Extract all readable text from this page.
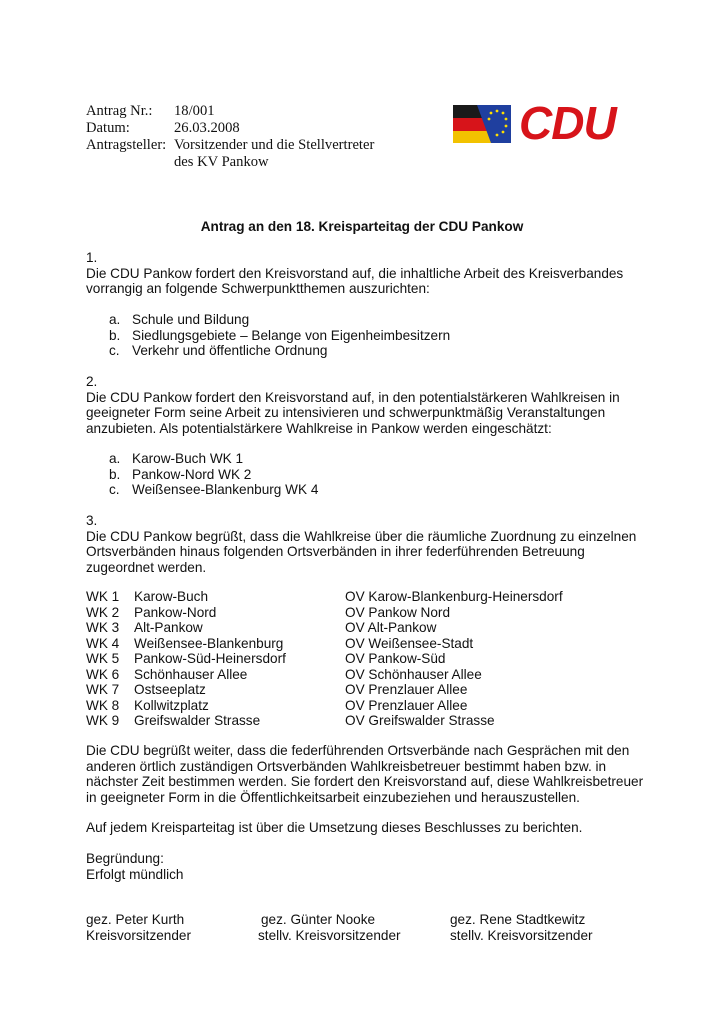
Antrag Nr.:	18/001
Datum:	26.03.2008
Antragsteller: Vorsitzender und die Stellvertreter
des KV Pankow
CDU
Antrag an den 18. Kreisparteitag der CDU Pankow
1.
Die CDU Pankow fordert den Kreisvorstand auf, die inhaltliche Arbeit des Kreisverbandes
vorrangig an folgende Schwerpunktthemen auszurichten:
a. Schule und Bildung
b. Siedlungsgebiete – Belange von Eigenheimbesitzern
c. Verkehr und öffentliche Ordnung
2.
Die CDU Pankow fordert den Kreisvorstand auf, in den potentialstärkeren Wahlkreisen in
geeigneter Form seine Arbeit zu intensivieren und schwerpunktmäßig Veranstaltungen
anzubieten. Als potentialstärkere Wahlkreise in Pankow werden eingeschätzt:
a. Karow-Buch WK 1
b. Pankow-Nord WK 2
c. Weißensee-Blankenburg WK 4
3.
Die CDU Pankow begrüßt, dass die Wahlkreise über die räumliche Zuordnung zu einzelnen
Ortsverbänden hinaus folgenden Ortsverbänden in ihrer federführenden Betreuung
zugeordnet werden.
WK 1	Karow-Buch	OV Karow-Blankenburg-Heinersdorf
WK 2	Pankow-Nord	OV Pankow Nord
WK 3	Alt-Pankow	OV Alt-Pankow
WK 4	Weißensee-Blankenburg	OV Weißensee-Stadt
WK 5	Pankow-Süd-Heinersdorf	OV Pankow-Süd
WK 6	Schönhauser Allee	OV Schönhauser Allee
WK 7	Ostseeplatz	OV Prenzlauer Allee
WK 8	Kollwitzplatz	OV Prenzlauer Allee
WK 9	Greifswalder Strasse	OV Greifswalder Strasse
Die CDU begrüßt weiter, dass die federführenden Ortsverbände nach Gesprächen mit den
anderen örtlich zuständigen Ortsverbänden Wahlkreisbetreuer bestimmt haben bzw. in
nächster Zeit bestimmen werden. Sie fordert den Kreisvorstand auf, diese Wahlkreisbetreuer
in geeigneter Form in die Öffentlichkeitsarbeit einzubeziehen und herauszustellen.
Auf jedem Kreisparteitag ist über die Umsetzung dieses Beschlusses zu berichten.
Begründung:
Erfolgt mündlich
gez. Peter Kurth
Kreisvorsitzender
gez. Günter Nooke
stellv. Kreisvorsitzender
gez. Rene Stadtkewitz
stellv. Kreisvorsitzender
